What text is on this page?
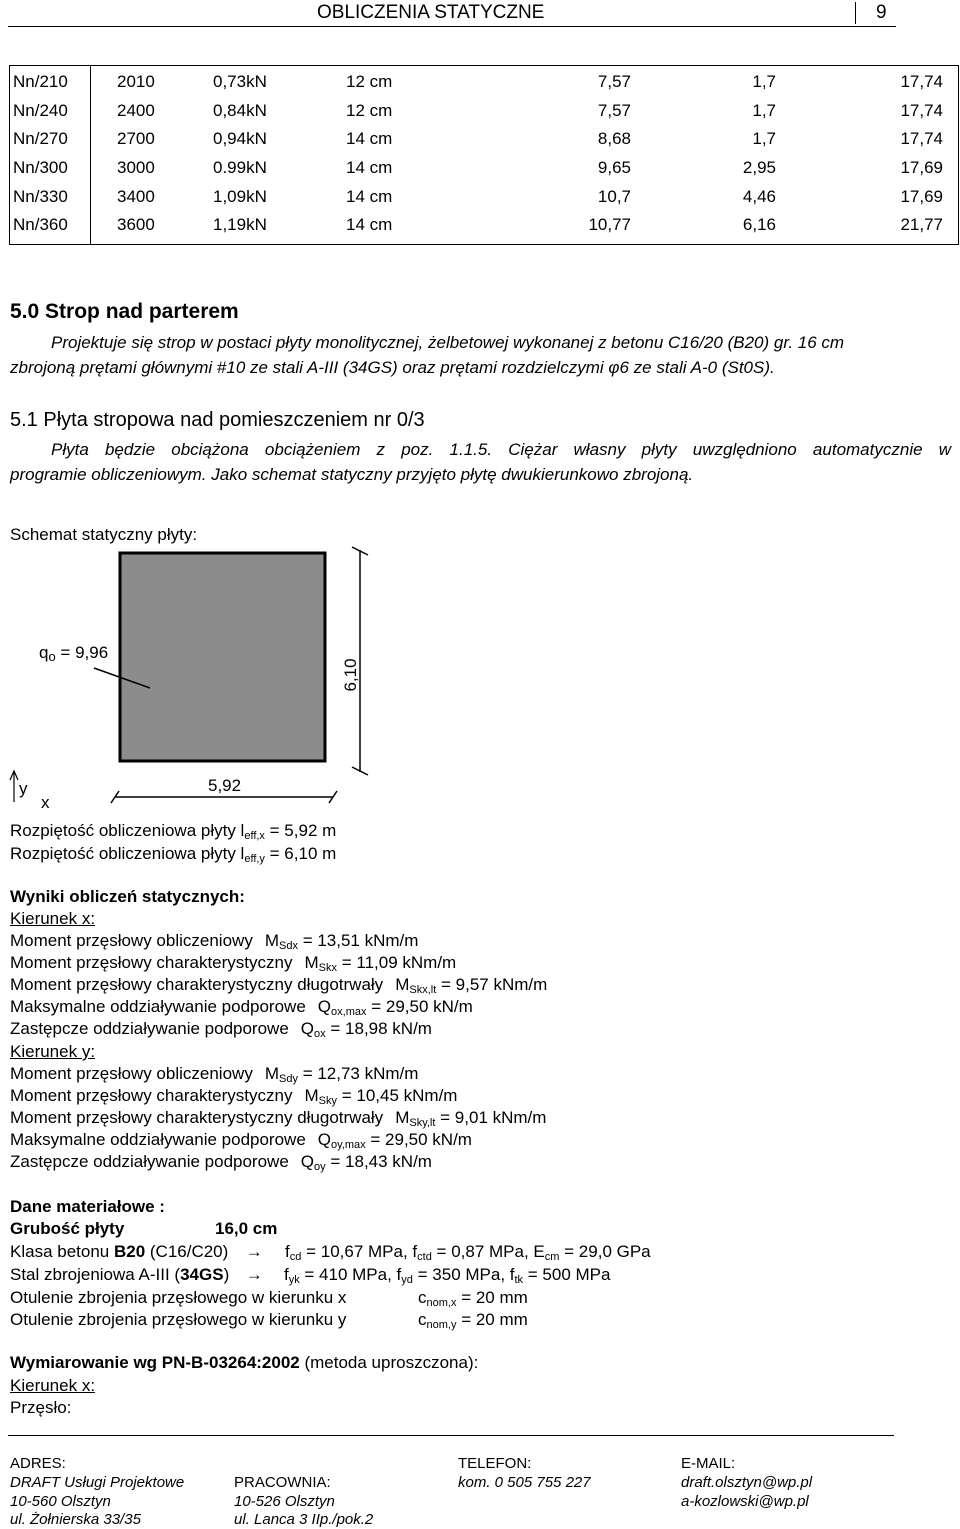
OBLICZENIA STATYCZNE	9
Nn/210	2010	0,73kN	12 cm	7,57	1,7	17,74
Nn/240	2400	0,84kN	12 cm	7,57	1,7	17,74
Nn/270	2700	0,94kN	14 cm	8,68	1,7	17,74
Nn/300	3000	0.99kN	14 cm	9,65	2,95	17,69
Nn/330	3400	1,09kN	14 cm	10,7	4,46	17,69
Nn/360	3600	1,19kN	14 cm	10,77	6,16	21,77
5.0 Strop nad parterem
Projektuje się strop w postaci płyty monolitycznej, żelbetowej wykonanej z betonu C16/20 (B20) gr. 16 cm
zbrojoną prętami głównymi #10 ze stali A-III (34GS) oraz prętami rozdzielczymi φ6 ze stali A-0 (St0S).
5.1 Płyta stropowa nad pomieszczeniem nr 0/3
Płyta będzie obciążona obciążeniem z poz. 1.1.5. Ciężar własny płyty uwzględniono automatycznie w
programie obliczeniowym. Jako schemat statyczny przyjęto płytę dwukierunkowo zbrojoną.
Schemat statyczny płyty:
$q_o = 9,96$
6,10
5,92
y
x
Rozpiętość obliczeniowa płyty $l_{eff,x} = 5,92$ m
Rozpiętość obliczeniowa płyty $l_{eff,y} = 6,10$ m
Wyniki obliczeń statycznych:
Kierunek x:
Moment przęsłowy obliczeniowy $M_{Sdx} = 13,51$ kNm/m
Moment przęsłowy charakterystyczny $M_{Skx} = 11,09$ kNm/m
Moment przęsłowy charakterystyczny długotrwały $M_{Skx,lt} = 9,57$ kNm/m
Maksymalne oddziaływanie podporowe $Q_{ox,max} = 29,50$ kN/m
Zastępcze oddziaływanie podporowe $Q_{ox} = 18,98$ kN/m
Kierunek y:
Moment przęsłowy obliczeniowy $M_{Sdy} = 12,73$ kNm/m
Moment przęsłowy charakterystyczny $M_{Sky} = 10,45$ kNm/m
Moment przęsłowy charakterystyczny długotrwały $M_{Sky,lt} = 9,01$ kNm/m
Maksymalne oddziaływanie podporowe $Q_{oy,max} = 29,50$ kN/m
Zastępcze oddziaływanie podporowe $Q_{oy} = 18,43$ kN/m
Dane materiałowe :
Grubość płyty	16,0 cm
Klasa betonu B20 $(C16/C20) \to f_{cd} = 10,67$ MPa, $f_{ctd} = 0,87$ MPa, $E_{cm} = 29,0$ GPa
Stal zbrojeniowa A-III $(34GS) \to f_{yk} = 410$ MPa, $f_{yd} = 350$ MPa, $f_{tk} = 500$ MPa
Otulenie zbrojenia przęsłowego w kierunku x	$c_{nom,x} = 20$ mm
Otulenie zbrojenia przęsłowego w kierunku y	$c_{nom,y} = 20$ mm
Wymiarowanie wg PN-B-03264:2002 (metoda uproszczona):
Kierunek x:
Przęsło:
ADRES:
DRAFT Usługi Projektowe
10-560 Olsztyn
ul. Żołnierska 33/35
PRACOWNIA:
10-526 Olsztyn
ul. Lanca 3 IIp./pok.2
TELEFON:
kom. 0 505 755 227
E-MAIL:
draft.olsztyn@wp.pl
a-kozlowski@wp.pl
